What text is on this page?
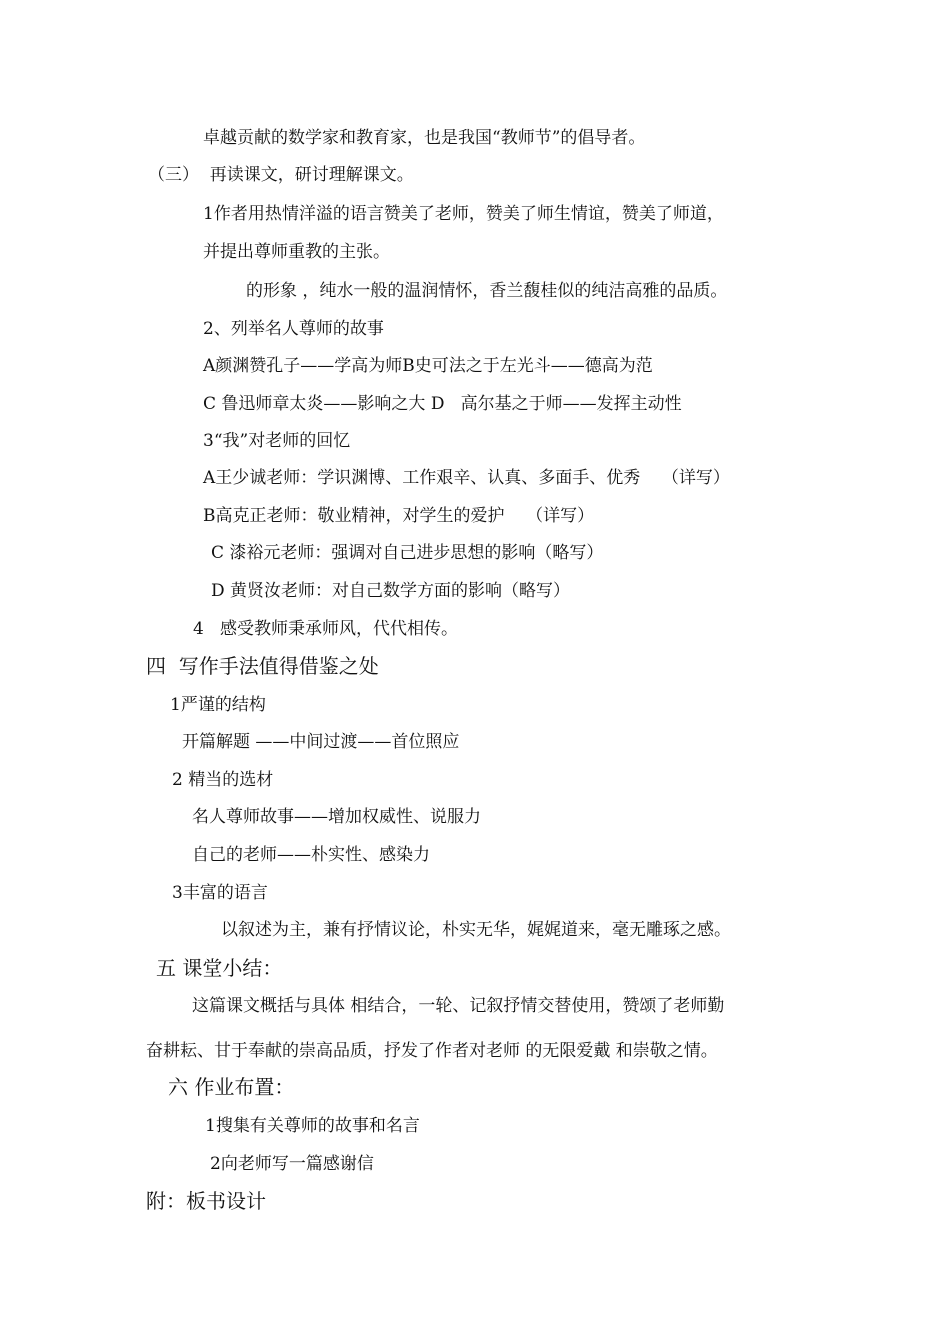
卓越贡献的数学家和教育家，也是我国“教师节”的倡导者。
（三）  再读课文，研讨理解课文。
1作者用热情洋溢的语言赞美了老师，赞美了师生情谊，赞美了师道，
并提出尊师重教的主张。
的形象 ，纯水一般的温润情怀，香兰馥桂似的纯洁高雅的品质。
2、列举名人尊师的故事
A颜渊赞孔子——学高为师B史可法之于左光斗——德高为范
C 鲁迅师章太炎——影响之大 D   高尔基之于师——发挥主动性
3“我”对老师的回忆
A王少诚老师：学识渊博、工作艰辛、认真、多面手、优秀    （详写）
B高克正老师：敬业精神，对学生的爱护    （详写）
C 漆裕元老师：强调对自己进步思想的影响（略写）
D 黄贤汝老师：对自己数学方面的影响（略写）
4   感受教师秉承师风，代代相传。
四  写作手法值得借鉴之处
1严谨的结构
开篇解题 ——中间过渡——首位照应
2 精当的选材
名人尊师故事——增加权威性、说服力
自己的老师——朴实性、感染力
3丰富的语言
以叙述为主，兼有抒情议论，朴实无华，娓娓道来，毫无雕琢之感。
五 课堂小结：
这篇课文概括与具体 相结合，一轮、记叙抒情交替使用，赞颂了老师勤
奋耕耘、甘于奉献的崇高品质，抒发了作者对老师 的无限爱戴 和崇敬之情。
六 作业布置：
1搜集有关尊师的故事和名言
2向老师写一篇感谢信
附：板书设计
